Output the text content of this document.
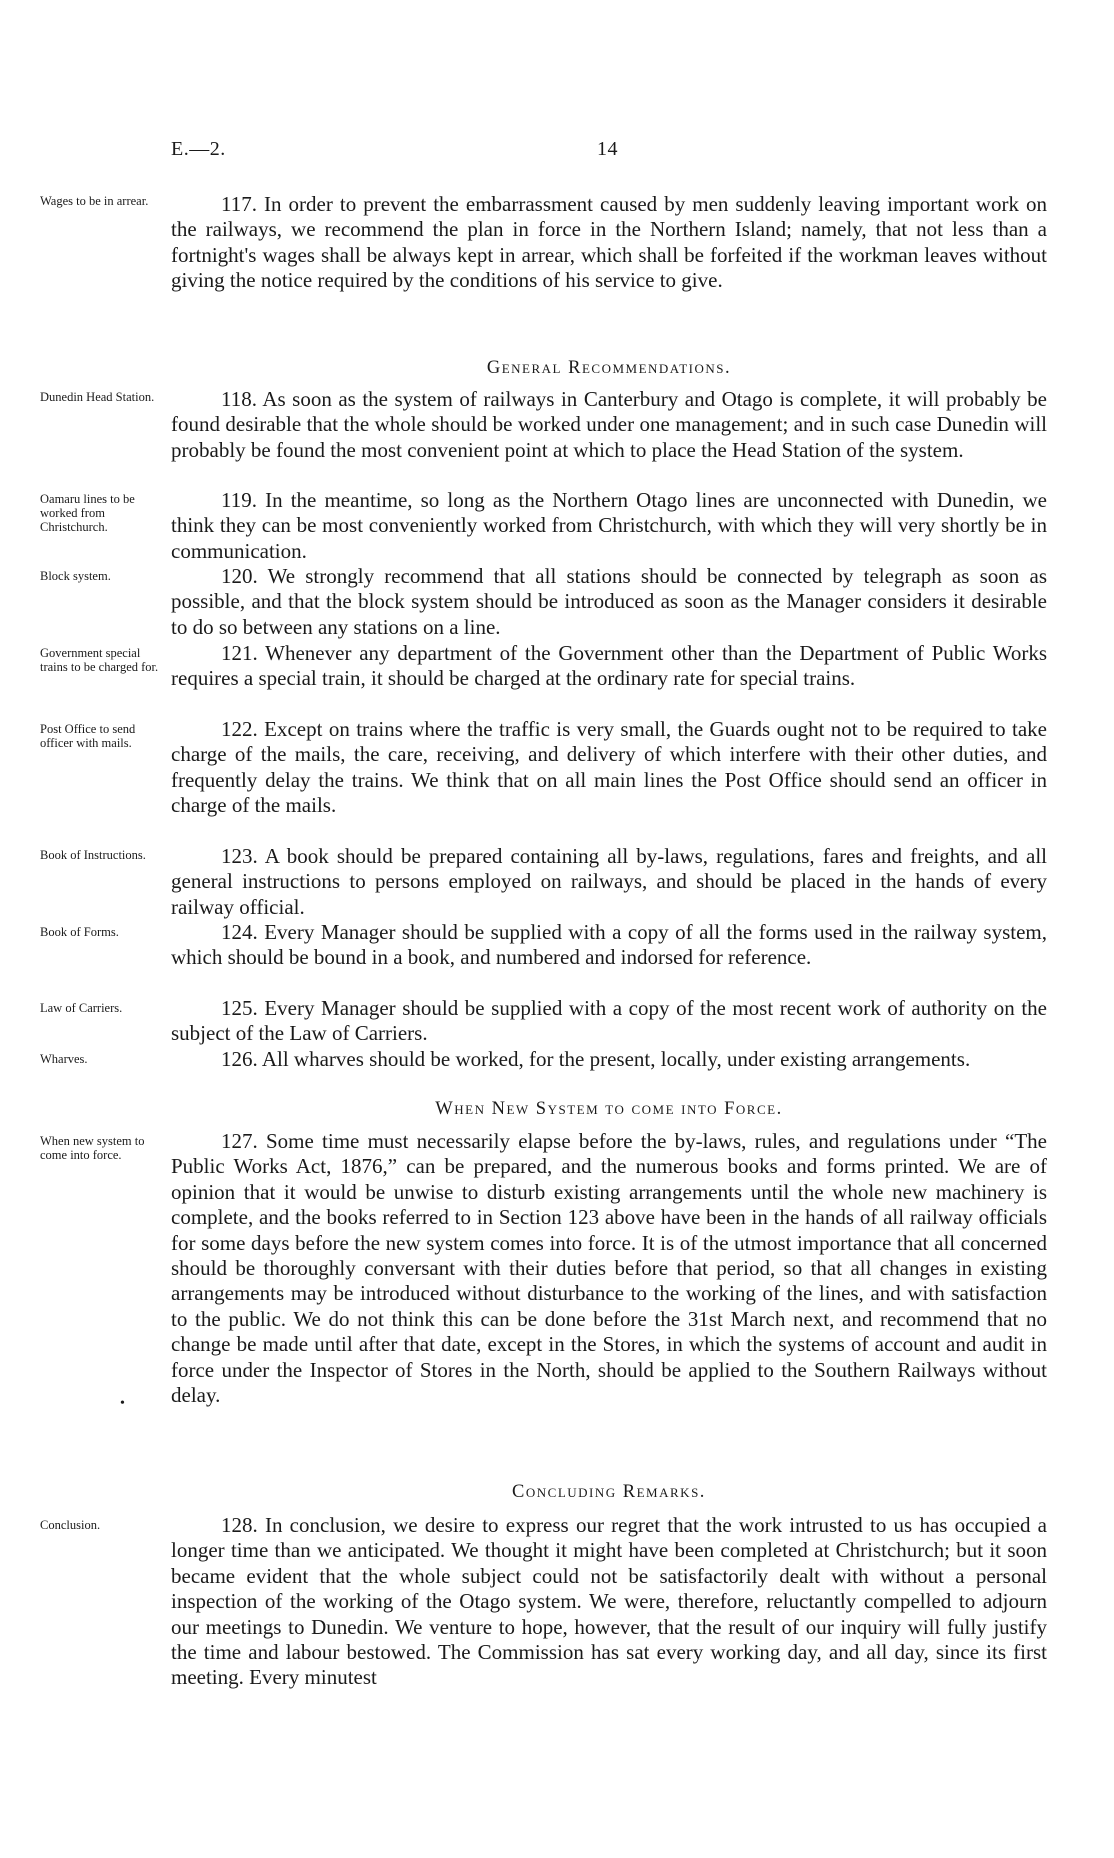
E.—2.	14
Wages to be in arrear.	117. In order to prevent the embarrassment caused by men suddenly leaving important work on the railways, we recommend the plan in force in the Northern Island; namely, that not less than a fortnight's wages shall be always kept in arrear, which shall be forfeited if the workman leaves without giving the notice required by the conditions of his service to give.
General Recommendations.
Dunedin Head Station.	118. As soon as the system of railways in Canterbury and Otago is complete, it will probably be found desirable that the whole should be worked under one management; and in such case Dunedin will probably be found the most convenient point at which to place the Head Station of the system.
Oamaru lines to be worked from Christchurch.
119. In the meantime, so long as the Northern Otago lines are unconnected with Dunedin, we think they can be most conveniently worked from Christchurch, with which they will very shortly be in communication.
Block system.	120. We strongly recommend that all stations should be connected by telegraph as soon as possible, and that the block system should be introduced as soon as the Manager considers it desirable to do so between any stations on a line.
Government special trains to be charged for.
121. Whenever any department of the Government other than the Department of Public Works requires a special train, it should be charged at the ordinary rate for special trains.
Post Office to send officer with mails.
122. Except on trains where the traffic is very small, the Guards ought not to be required to take charge of the mails, the care, receiving, and delivery of which interfere with their other duties, and frequently delay the trains. We think that on all main lines the Post Office should send an officer in charge of the mails.
Book of Instructions.	123. A book should be prepared containing all by-laws, regulations, fares and freights, and all general instructions to persons employed on railways, and should be placed in the hands of every railway official.
Book of Forms.	124. Every Manager should be supplied with a copy of all the forms used in the railway system, which should be bound in a book, and numbered and indorsed for reference.
Law of Carriers.	125. Every Manager should be supplied with a copy of the most recent work of authority on the subject of the Law of Carriers.
Wharves.	126. All wharves should be worked, for the present, locally, under existing arrangements.
When New System to come into Force.
When new system to come into force.
127. Some time must necessarily elapse before the by-laws, rules, and regulations under “The Public Works Act, 1876,” can be prepared, and the numerous books and forms printed. We are of opinion that it would be unwise to disturb existing arrangements until the whole new machinery is complete, and the books referred to in Section 123 above have been in the hands of all railway officials for some days before the new system comes into force. It is of the utmost importance that all concerned should be thoroughly conversant with their duties before that period, so that all changes in existing arrangements may be introduced without disturbance to the working of the lines, and with satisfaction to the public. We do not think this can be done before the 31st March next, and recommend that no change be made until after that date, except in the Stores, in which the systems of account and audit in force under the Inspector of Stores in the North, should be applied to the Southern Railways without delay.
•
Concluding Remarks.
Conclusion.	128. In conclusion, we desire to express our regret that the work intrusted to us has occupied a longer time than we anticipated. We thought it might have been completed at Christchurch; but it soon became evident that the whole subject could not be satisfactorily dealt with without a personal inspection of the working of the Otago system. We were, therefore, reluctantly compelled to adjourn our meetings to Dunedin. We venture to hope, however, that the result of our inquiry will fully justify the time and labour bestowed. The Commission has sat every working day, and all day, since its first meeting. Every minutest
